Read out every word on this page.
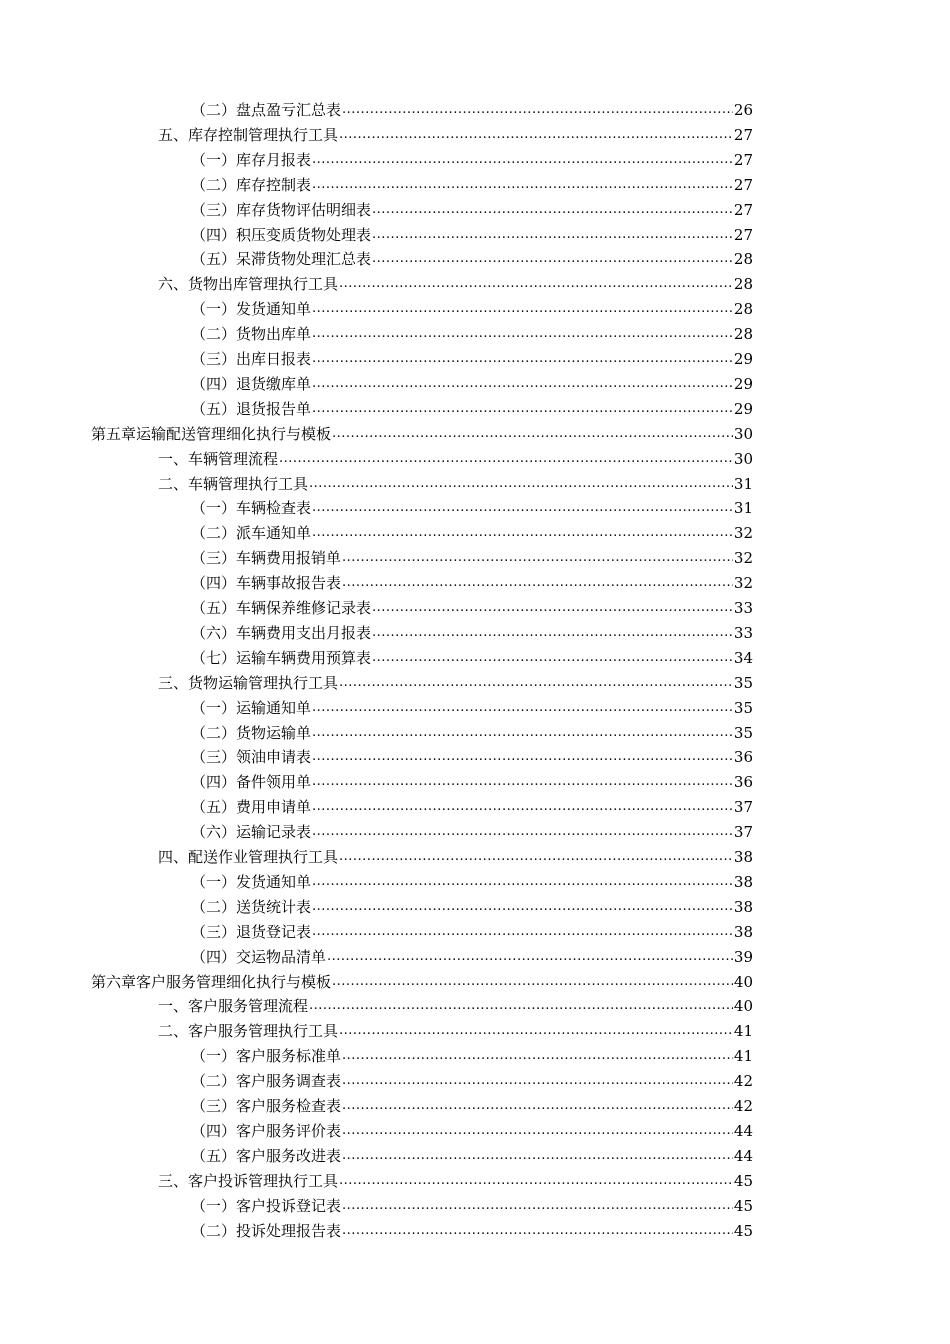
（二）盘点盈亏汇总表 .....	26
五、库存控制管理执行工具 .....	27
（一）库存月报表 .....	27
（二）库存控制表 .....	27
（三）库存货物评估明细表 .....	27
（四）积压变质货物处理表 .....	27
（五）呆滞货物处理汇总表 .....	28
六、货物出库管理执行工具 .....	28
（一）发货通知单 .....	28
（二）货物出库单 .....	28
（三）出库日报表 .....	29
（四）退货缴库单 .....	29
（五）退货报告单 .....	29
第五章 运输配送管理细化执行与模板 .....	30
一、车辆管理流程 .....	30
二、车辆管理执行工具 .....	31
（一）车辆检查表 .....	31
（二）派车通知单 .....	32
（三）车辆费用报销单 .....	32
（四）车辆事故报告表 .....	32
（五）车辆保养维修记录表 .....	33
（六）车辆费用支出月报表 .....	33
（七）运输车辆费用预算表 .....	34
三、货物运输管理执行工具 .....	35
（一）运输通知单 .....	35
（二）货物运输单 .....	35
（三）领油申请表 .....	36
（四）备件领用单 .....	36
（五）费用申请单 .....	37
（六）运输记录表 .....	37
四、配送作业管理执行工具 .....	38
（一）发货通知单 .....	38
（二）送货统计表 .....	38
（三）退货登记表 .....	38
（四）交运物品清单 .....	39
第六章 客户服务管理细化执行与模板 .....	40
一、客户服务管理流程 .....	40
二、客户服务管理执行工具 .....	41
（一）客户服务标准单 .....	41
（二）客户服务调查表 .....	42
（三）客户服务检查表 .....	42
（四）客户服务评价表 .....	44
（五）客户服务改进表 .....	44
三、客户投诉管理执行工具 .....	45
（一）客户投诉登记表 .....	45
（二）投诉处理报告表 .....	45
